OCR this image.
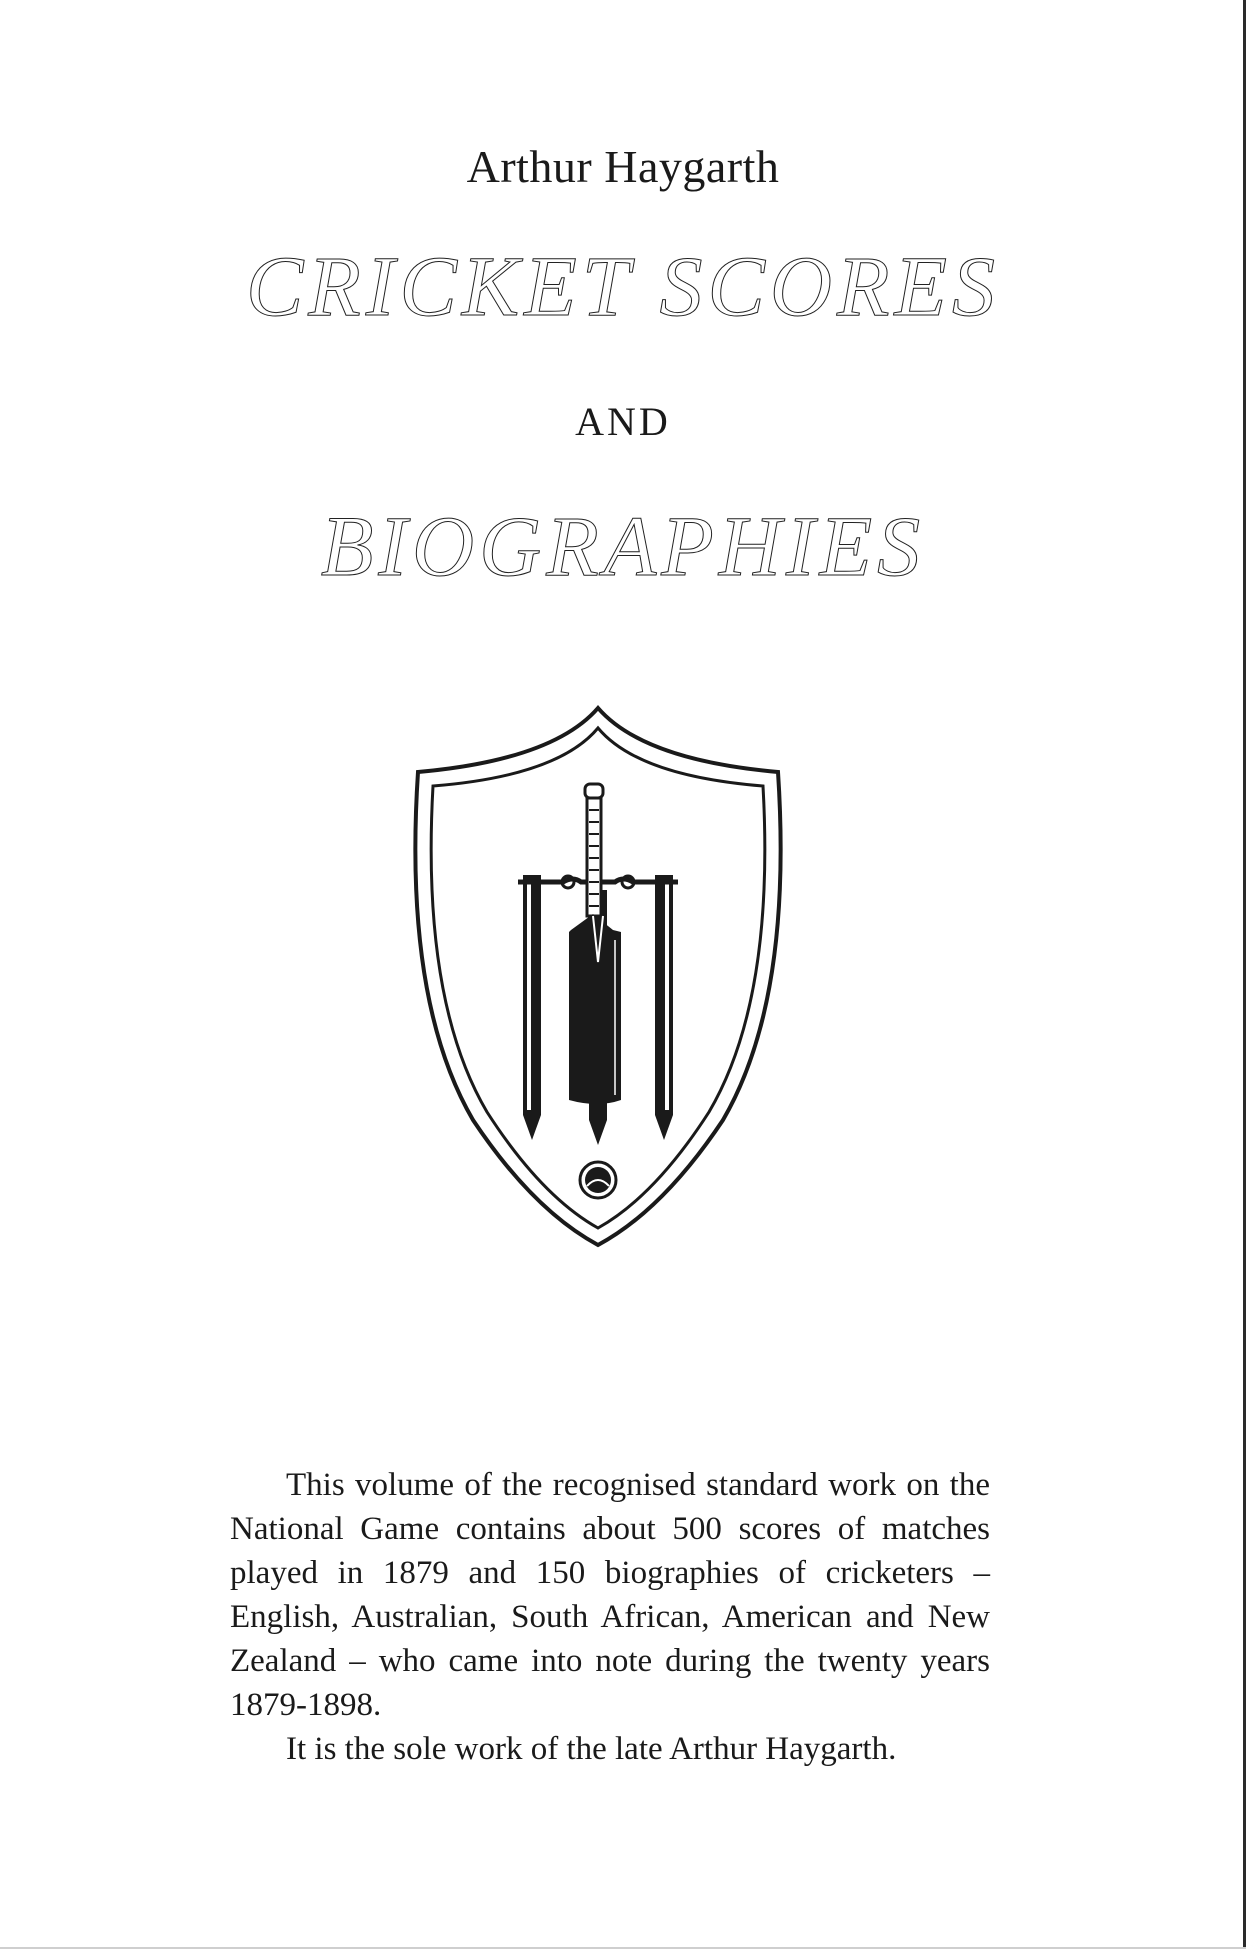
Arthur Haygarth
CRICKET SCORES
AND
BIOGRAPHIES

This volume of the recognised standard work on the National Game contains about 500 scores of matches played in 1879 and 150 biographies of cricketers – English, Australian, South African, American and New Zealand – who came into note during the twenty years 1879-1898.

It is the sole work of the late Arthur Haygarth.
